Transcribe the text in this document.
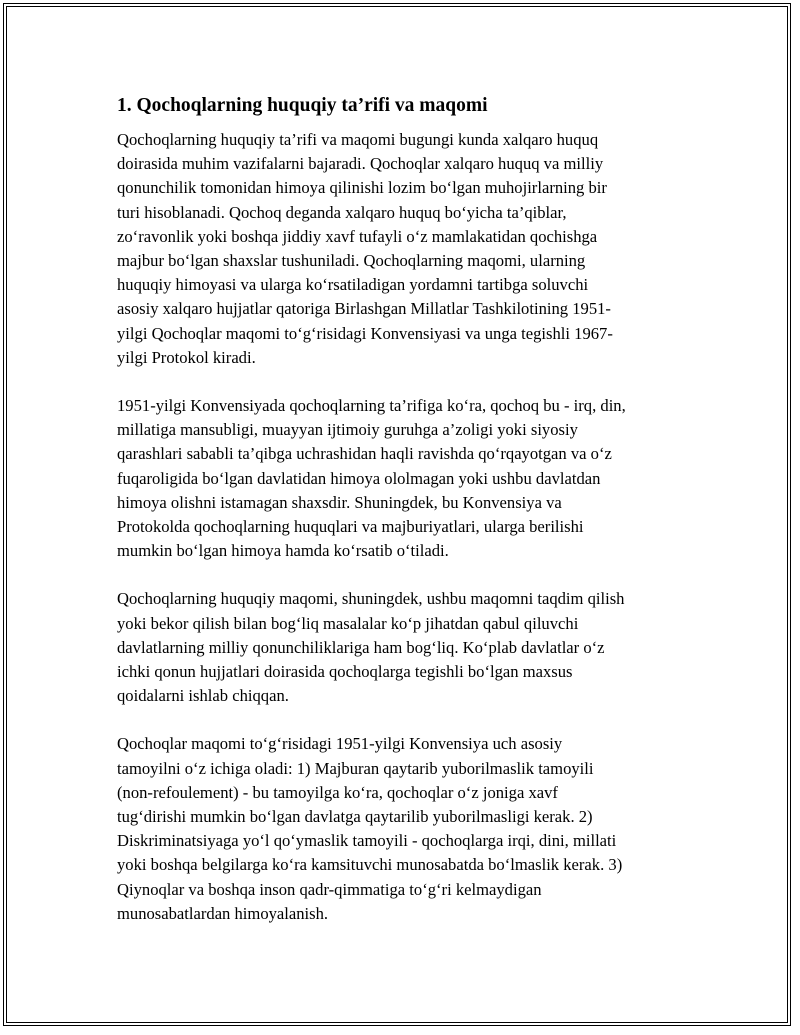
1. Qochoqlarning huquqiy ta’rifi va maqomi

Qochoqlarning huquqiy ta’rifi va maqomi bugungi kunda xalqaro huquq
doirasida muhim vazifalarni bajaradi. Qochoqlar xalqaro huquq va milliy
qonunchilik tomonidan himoya qilinishi lozim bo‘lgan muhojirlarning bir
turi hisoblanadi. Qochoq deganda xalqaro huquq bo‘yicha ta’qiblar,
zo‘ravonlik yoki boshqa jiddiy xavf tufayli o‘z mamlakatidan qochishga
majbur bo‘lgan shaxslar tushuniladi. Qochoqlarning maqomi, ularning
huquqiy himoyasi va ularga ko‘rsatiladigan yordamni tartibga soluvchi
asosiy xalqaro hujjatlar qatoriga Birlashgan Millatlar Tashkilotining 1951-
yilgi Qochoqlar maqomi to‘g‘risidagi Konvensiyasi va unga tegishli 1967-
yilgi Protokol kiradi.

1951-yilgi Konvensiyada qochoqlarning ta’rifiga ko‘ra, qochoq bu - irq, din,
millatiga mansubligi, muayyan ijtimoiy guruhga a’zoligi yoki siyosiy
qarashlari sababli ta’qibga uchrashidan haqli ravishda qo‘rqayotgan va o‘z
fuqaroligida bo‘lgan davlatidan himoya ololmagan yoki ushbu davlatdan
himoya olishni istamagan shaxsdir. Shuningdek, bu Konvensiya va
Protokolda qochoqlarning huquqlari va majburiyatlari, ularga berilishi
mumkin bo‘lgan himoya hamda ko‘rsatib o‘tiladi.

Qochoqlarning huquqiy maqomi, shuningdek, ushbu maqomni taqdim qilish
yoki bekor qilish bilan bog‘liq masalalar ko‘p jihatdan qabul qiluvchi
davlatlarning milliy qonunchiliklariga ham bog‘liq. Ko‘plab davlatlar o‘z
ichki qonun hujjatlari doirasida qochoqlarga tegishli bo‘lgan maxsus
qoidalarni ishlab chiqqan.

Qochoqlar maqomi to‘g‘risidagi 1951-yilgi Konvensiya uch asosiy
tamoyilni o‘z ichiga oladi: 1) Majburan qaytarib yuborilmaslik tamoyili
(non-refoulement) - bu tamoyilga ko‘ra, qochoqlar o‘z joniga xavf
tug‘dirishi mumkin bo‘lgan davlatga qaytarilib yuborilmasligi kerak. 2)
Diskriminatsiyaga yo‘l qo‘ymaslik tamoyili - qochoqlarga irqi, dini, millati
yoki boshqa belgilarga ko‘ra kamsituvchi munosabatda bo‘lmaslik kerak. 3)
Qiynoqlar va boshqa inson qadr-qimmatiga to‘g‘ri kelmaydigan
munosabatlardan himoyalanish.
